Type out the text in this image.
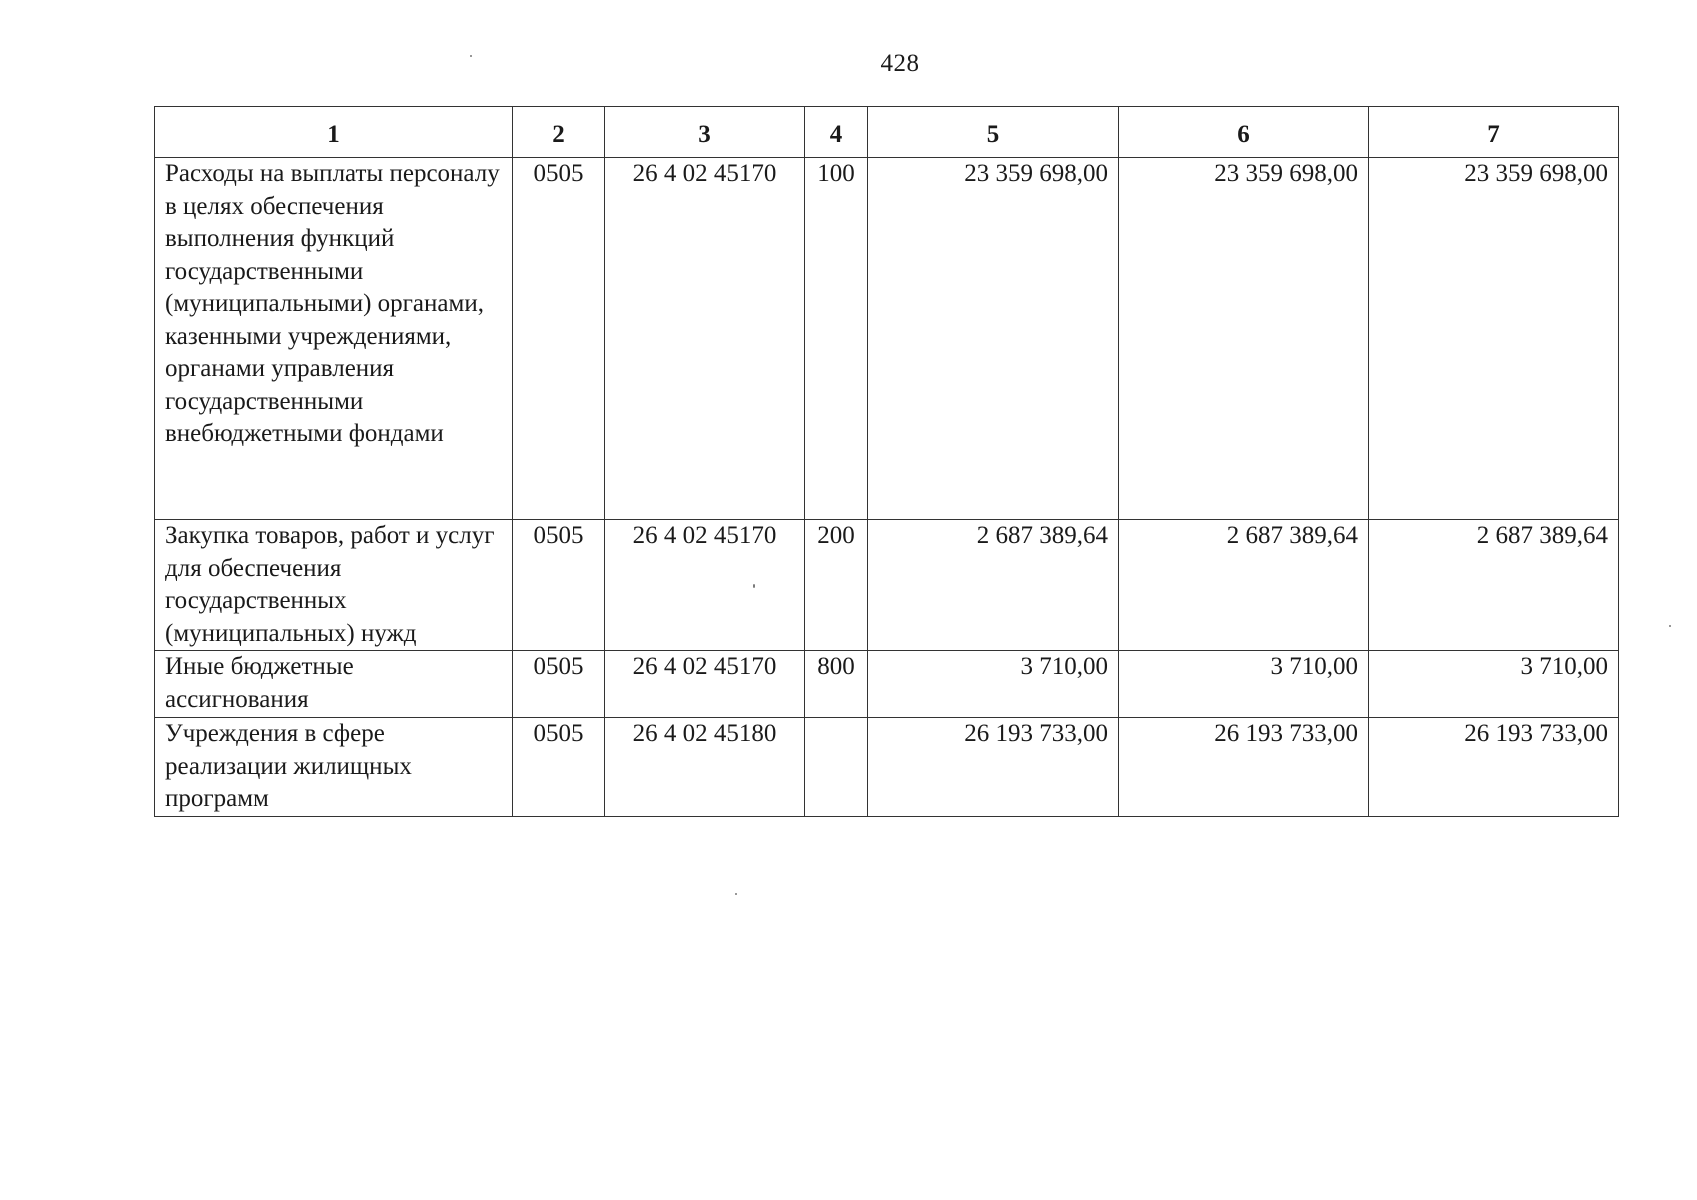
428
1	2	3	4	5	6	7
Расходы на выплаты персоналу в целях обеспечения выполнения функций государственными (муниципальными) органами, казенными учреждениями, органами управления государственными внебюджетными фондами	0505	26 4 02 45170	100	23 359 698,00	23 359 698,00	23 359 698,00
Закупка товаров, работ и услуг для обеспечения государственных (муниципальных) нужд	0505	26 4 02 45170	200	2 687 389,64	2 687 389,64	2 687 389,64
Иные бюджетные ассигнования	0505	26 4 02 45170	800	3 710,00	3 710,00	3 710,00
Учреждения в сфере реализации жилищных программ	0505	26 4 02 45180		26 193 733,00	26 193 733,00	26 193 733,00
